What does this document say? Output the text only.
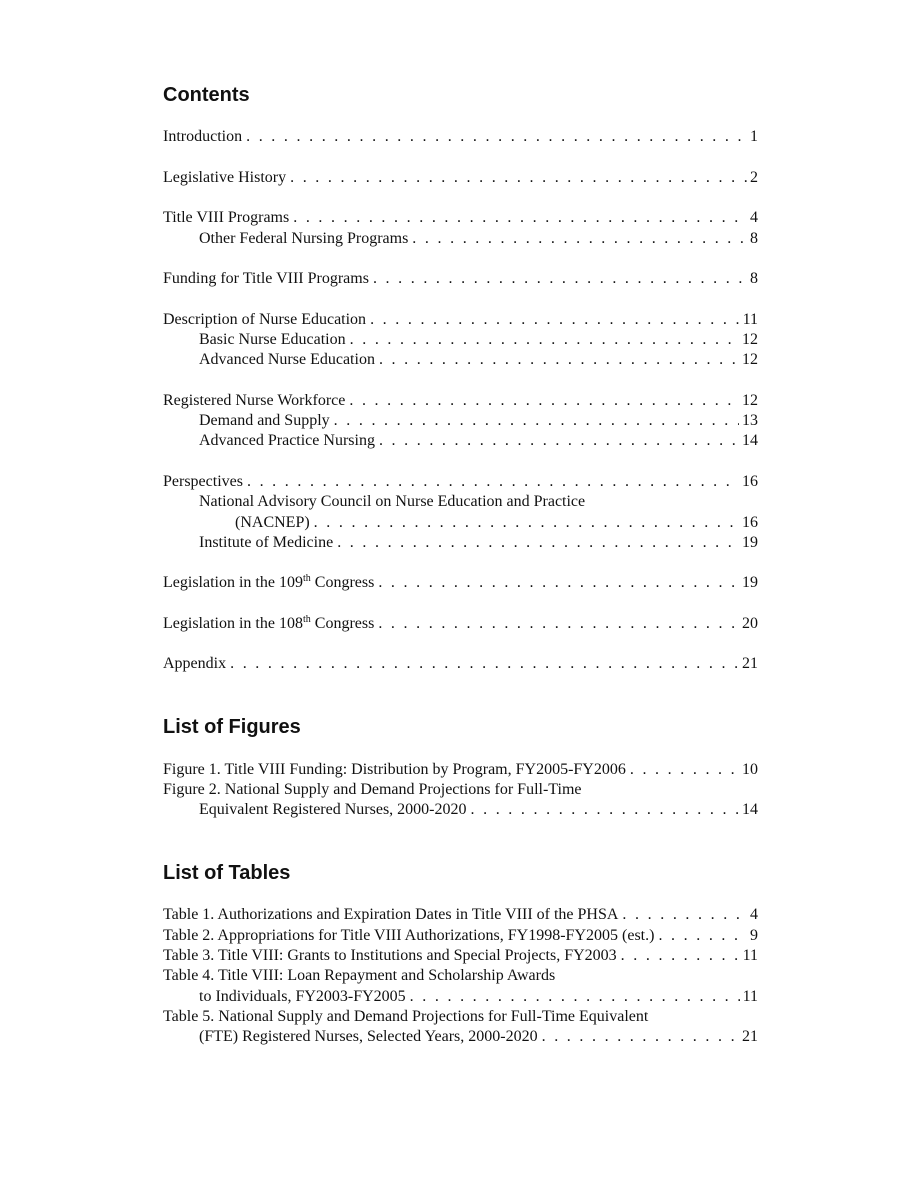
Contents
Introduction . . .	1
Legislative History . . .	2
Title VIII Programs . . .	4
Other Federal Nursing Programs . . .	8
Funding for Title VIII Programs . . .	8
Description of Nurse Education . . .	11
Basic Nurse Education . . .	12
Advanced Nurse Education . . .	12
Registered Nurse Workforce . . .	12
Demand and Supply . . .	13
Advanced Practice Nursing . . .	14
Perspectives . . .	16
National Advisory Council on Nurse Education and Practice
(NACNEP) . . .	16
Institute of Medicine . . .	19
Legislation in the 109th Congress . . .	19
Legislation in the 108th Congress . . .	20
Appendix . . .	21
List of Figures
Figure 1. Title VIII Funding: Distribution by Program, FY2005-FY2006 . . .	10
Figure 2. National Supply and Demand Projections for Full-Time
Equivalent Registered Nurses, 2000-2020 . . .	14
List of Tables
Table 1. Authorizations and Expiration Dates in Title VIII of the PHSA . . .	4
Table 2. Appropriations for Title VIII Authorizations, FY1998-FY2005 (est.) . . .	9
Table 3. Title VIII: Grants to Institutions and Special Projects, FY2003 . . .	11
Table 4. Title VIII: Loan Repayment and Scholarship Awards
to Individuals, FY2003-FY2005 . . .	11
Table 5. National Supply and Demand Projections for Full-Time Equivalent
(FTE) Registered Nurses, Selected Years, 2000-2020 . . .	21
